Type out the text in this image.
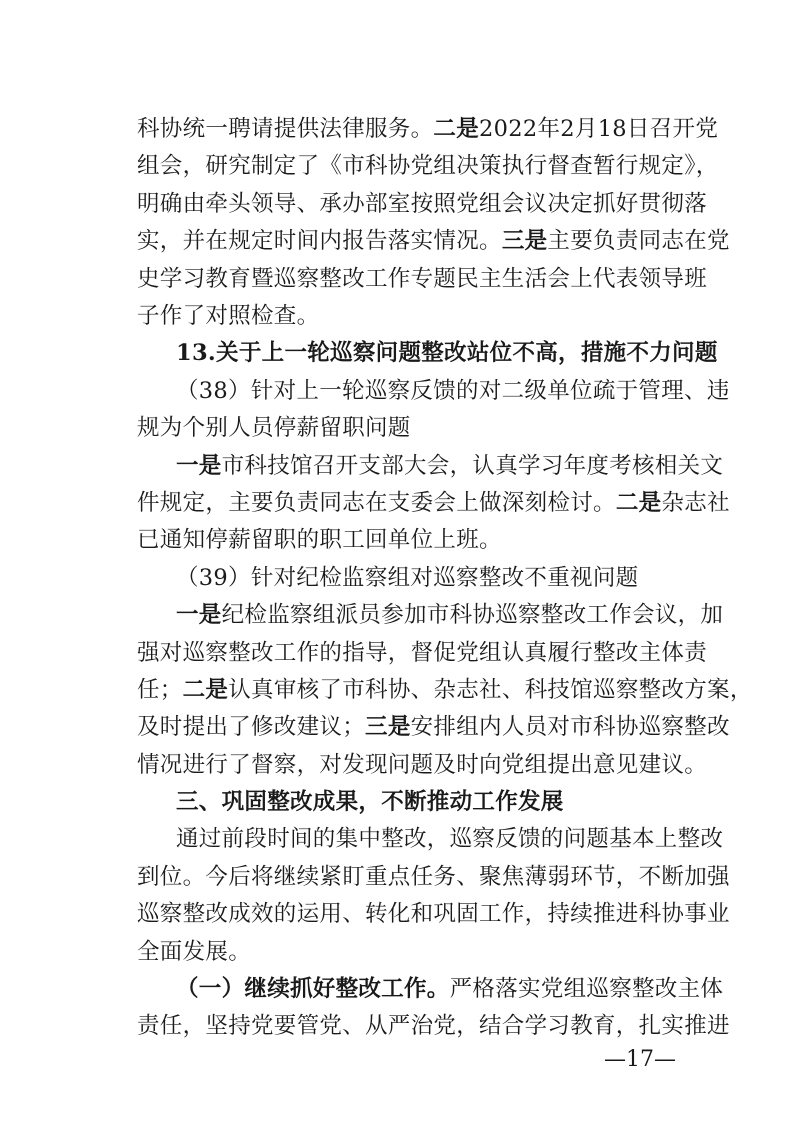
科协统一聘请提供法律服务。二是2022年2月18日召开党
组会，研究制定了《市科协党组决策执行督查暂行规定》，
明确由牵头领导、承办部室按照党组会议决定抓好贯彻落
实，并在规定时间内报告落实情况。三是主要负责同志在党
史学习教育暨巡察整改工作专题民主生活会上代表领导班
子作了对照检查。
13.关于上一轮巡察问题整改站位不高，措施不力问题
（38）针对上一轮巡察反馈的对二级单位疏于管理、违
规为个别人员停薪留职问题
一是市科技馆召开支部大会，认真学习年度考核相关文
件规定，主要负责同志在支委会上做深刻检讨。二是杂志社
已通知停薪留职的职工回单位上班。
（39）针对纪检监察组对巡察整改不重视问题
一是纪检监察组派员参加市科协巡察整改工作会议，加
强对巡察整改工作的指导，督促党组认真履行整改主体责
任；二是认真审核了市科协、杂志社、科技馆巡察整改方案，
及时提出了修改建议；三是安排组内人员对市科协巡察整改
情况进行了督察，对发现问题及时向党组提出意见建议。
三、巩固整改成果，不断推动工作发展
通过前段时间的集中整改，巡察反馈的问题基本上整改
到位。今后将继续紧盯重点任务、聚焦薄弱环节，不断加强
巡察整改成效的运用、转化和巩固工作，持续推进科协事业
全面发展。
（一）继续抓好整改工作。严格落实党组巡察整改主体
责任，坚持党要管党、从严治党，结合学习教育，扎实推进
—17—
